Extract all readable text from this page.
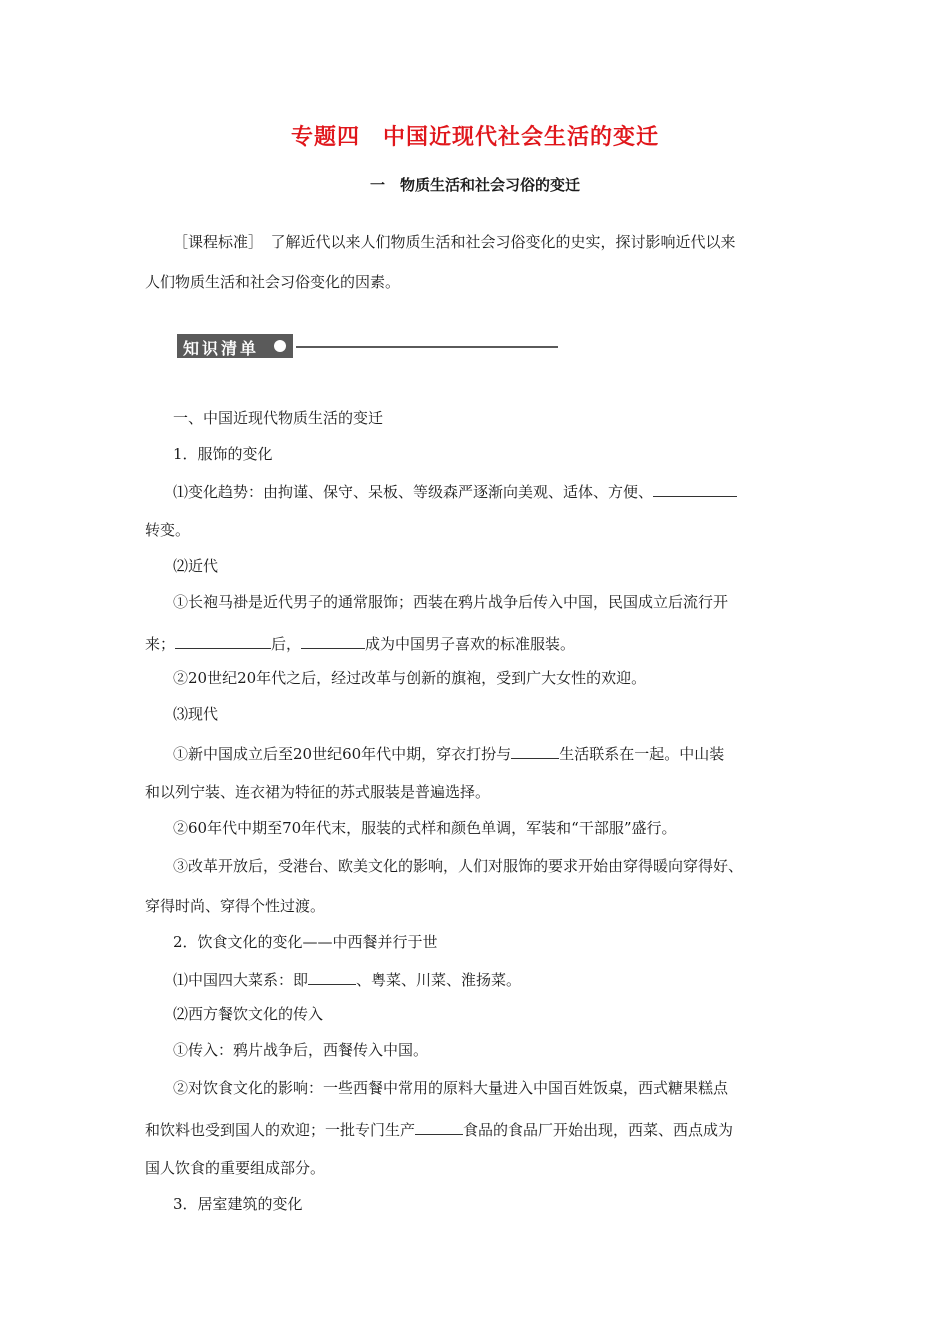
专题四　中国近现代社会生活的变迁
一　物质生活和社会习俗的变迁
［课程标准］　了解近代以来人们物质生活和社会习俗变化的史实，探讨影响近代以来
人们物质生活和社会习俗变化的因素。
知识清单
一、中国近现代物质生活的变迁
1．服饰的变化
⑴变化趋势：由拘谨、保守、呆板、等级森严逐渐向美观、适体、方便、
转变。
⑵近代
①长袍马褂是近代男子的通常服饰；西装在鸦片战争后传入中国，民国成立后流行开
来；	后，	成为中国男子喜欢的标准服装。
②20世纪20年代之后，经过改革与创新的旗袍，受到广大女性的欢迎。
⑶现代
①新中国成立后至20世纪60年代中期，穿衣打扮与	生活联系在一起。中山装
和以列宁装、连衣裙为特征的苏式服装是普遍选择。
②60年代中期至70年代末，服装的式样和颜色单调，军装和“干部服”盛行。
③改革开放后，受港台、欧美文化的影响，人们对服饰的要求开始由穿得暖向穿得好、
穿得时尚、穿得个性过渡。
2．饮食文化的变化——中西餐并行于世
⑴中国四大菜系：即	、粤菜、川菜、淮扬菜。
⑵西方餐饮文化的传入
①传入：鸦片战争后，西餐传入中国。
②对饮食文化的影响：一些西餐中常用的原料大量进入中国百姓饭桌，西式糖果糕点
和饮料也受到国人的欢迎；一批专门生产	食品的食品厂开始出现，西菜、西点成为
国人饮食的重要组成部分。
3．居室建筑的变化
